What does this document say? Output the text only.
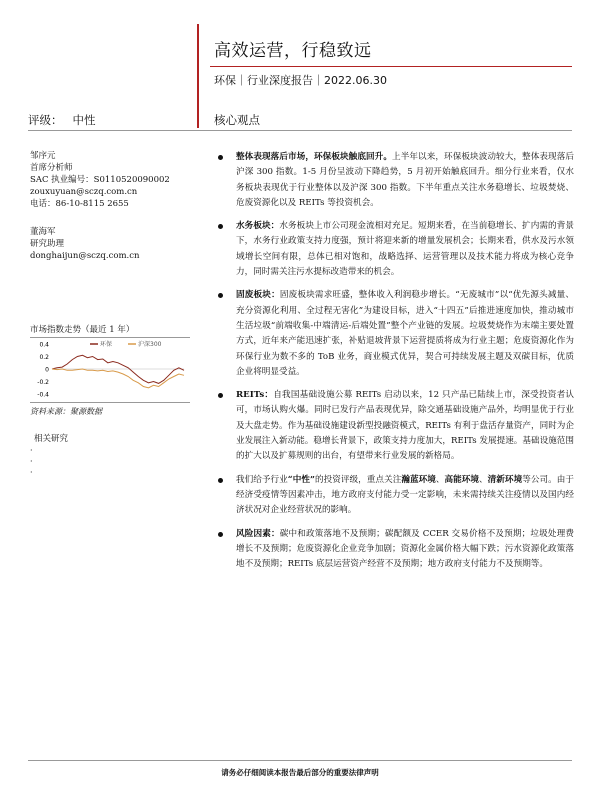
高效运营，行稳致远
环保｜行业深度报告｜2022.06.30
评级： 中性	核心观点
邹序元
首席分析师
SAC 执业编号：S0110520090002
zouxuyuan@sczq.com.cn
电话：86-10-8115 2655
董海军
研究助理
donghaijun@sczq.com.cn
市场指数走势（最近 1 年）
0.4
0.2
0
-0.2
-0.4
环保	沪深300
资料来源：聚源数据
相关研究
·
·
·
整体表现落后市场，环保板块触底回升。上半年以来，环保板块波动较大，整体表现落后沪深 300 指数。1-5 月份呈波动下降趋势，5 月初开始触底回升。细分行业来看，仅水务板块表现优于行业整体以及沪深 300 指数。下半年重点关注水务稳增长、垃圾焚烧、危废资源化以及 REITs 等投资机会。
水务板块：水务板块上市公司现金流相对充足。短期来看，在当前稳增长、扩内需的背景下，水务行业政策支持力度强，预计将迎来新的增量发展机会；长期来看，供水及污水领域增长空间有限，总体已相对饱和，战略选择、运营管理以及技术能力将成为核心竞争力，同时需关注污水提标改造带来的机会。
固废板块：固废板块需求旺盛，整体收入利润稳步增长。“无废城市”以“优先源头减量、充分资源化利用、全过程无害化”为建设目标，进入“十四五”后推进速度加快，推动城市生活垃圾“前端收集-中端清运-后端处置”整个产业链的发展。垃圾焚烧作为末端主要处置方式，近年来产能迅速扩张，补贴退坡背景下运营提质将成为行业主题；危废资源化作为环保行业为数不多的 ToB 业务，商业模式优异，契合可持续发展主题及双碳目标，优质企业将明显受益。
REITs：自我国基础设施公募 REITs 启动以来，12 只产品已陆续上市，深受投资者认可，市场认购火爆。同时已发行产品表现优异，除交通基础设施产品外，均明显优于行业及大盘走势。作为基础设施建设新型投融资模式，REITs 有利于盘活存量资产，同时为企业发展注入新动能。稳增长背景下，政策支持力度加大，REITs 发展提速。基础设施范围的扩大以及扩募规则的出台，有望带来行业发展的新格局。
我们给予行业“中性”的投资评级，重点关注瀚蓝环境、高能环境、清新环境等公司。由于经济受疫情等因素冲击，地方政府支付能力受一定影响，未来需持续关注疫情以及国内经济状况对企业经营状况的影响。
风险因素：碳中和政策落地不及预期；碳配额及 CCER 交易价格不及预期；垃圾处理费增长不及预期；危废资源化企业竞争加剧；资源化金属价格大幅下跌；污水资源化政策落地不及预期；REITs 底层运营资产经营不及预期；地方政府支付能力不及预期等。
请务必仔细阅读本报告最后部分的重要法律声明
